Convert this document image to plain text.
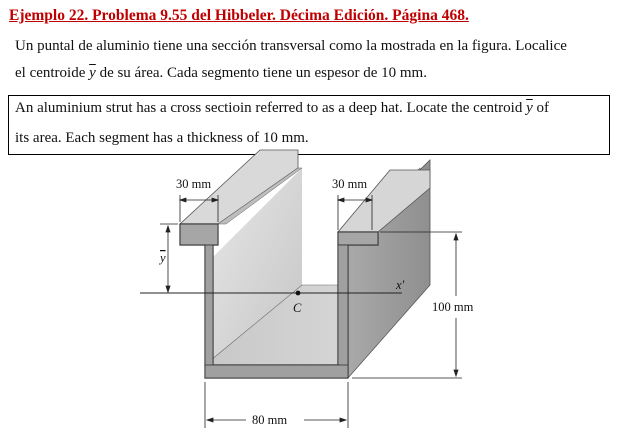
Ejemplo 22. Problema 9.55 del Hibbeler. Décima Edición. Página 468.
Un puntal de aluminio tiene una sección transversal como la mostrada en la figura. Localice
el centroide $\overline{y}$ de su área. Cada segmento tiene un espesor de 10 mm.
An aluminium strut has a cross sectioin referred to as a deep hat. Locate the centroid $\overline{y}$ of
its area. Each segment has a thickness of 10 mm.
30 mm	30 mm
y
C
x′
100 mm
80 mm
